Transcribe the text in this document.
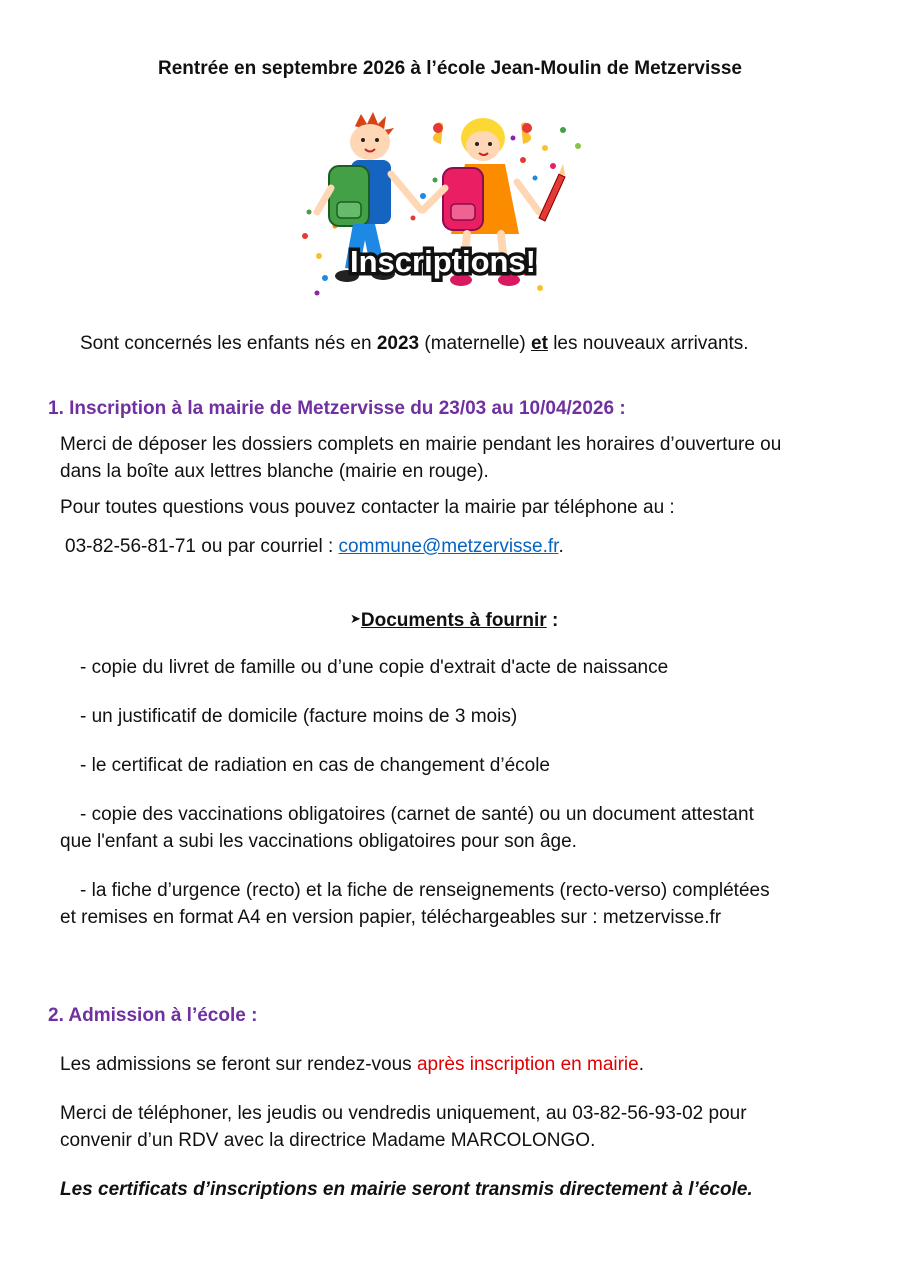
Rentrée en septembre 2026 à l’école Jean-Moulin de Metzervisse
Inscriptions!
Sont concernés les enfants nés en 2023 (maternelle) et les nouveaux arrivants.
1. Inscription à la mairie de Metzervisse du 23/03 au 10/04/2026 :
Merci de déposer les dossiers complets en mairie pendant les horaires d’ouverture ou
dans la boîte aux lettres blanche (mairie en rouge).
Pour toutes questions vous pouvez contacter la mairie par téléphone au :
03-82-56-81-71 ou par courriel : commune@metzervisse.fr.
➤Documents à fournir :
- copie du livret de famille ou d’une copie d'extrait d'acte de naissance
- un justificatif de domicile (facture moins de 3 mois)
- le certificat de radiation en cas de changement d’école
- copie des vaccinations obligatoires (carnet de santé) ou un document attestant
que l'enfant a subi les vaccinations obligatoires pour son âge.
- la fiche d’urgence (recto) et la fiche de renseignements (recto-verso) complétées
et remises en format A4 en version papier, téléchargeables sur : metzervisse.fr
2. Admission à l’école :
Les admissions se feront sur rendez-vous après inscription en mairie.
Merci de téléphoner, les jeudis ou vendredis uniquement, au 03-82-56-93-02 pour
convenir d’un RDV avec la directrice Madame MARCOLONGO.
Les certificats d’inscriptions en mairie seront transmis directement à l’école.
